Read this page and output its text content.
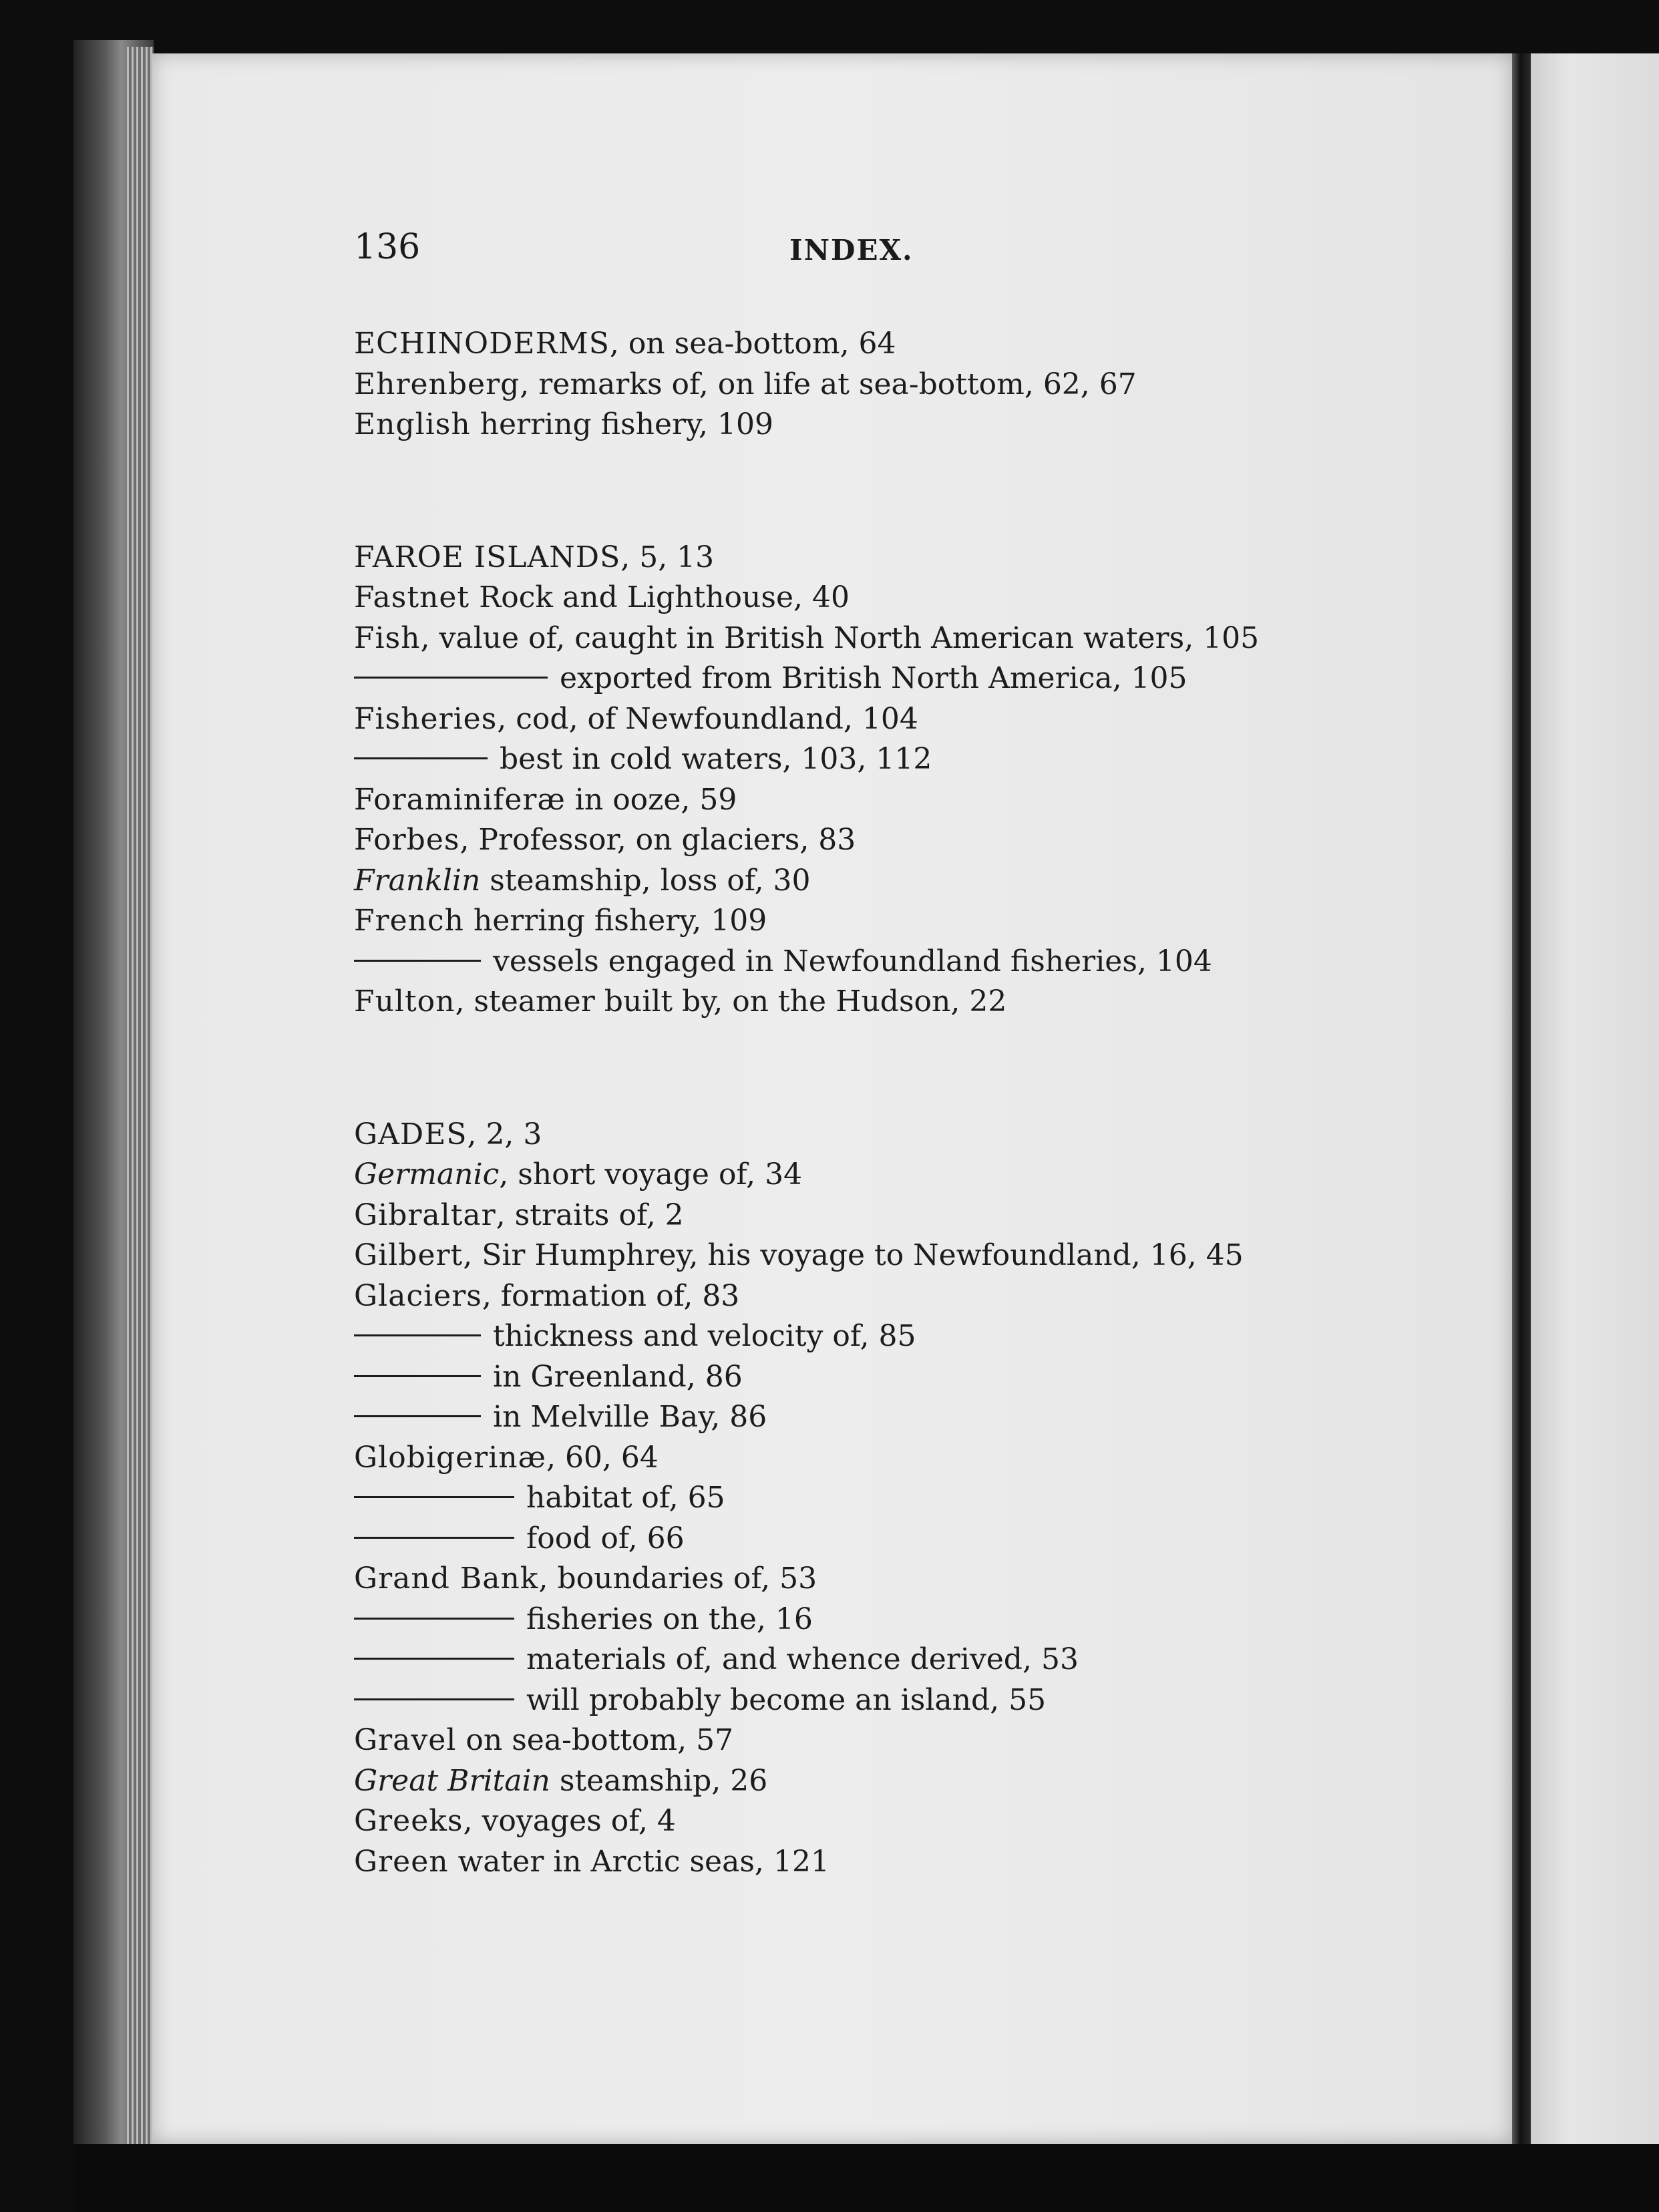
136	INDEX.
ECHINODERMS, on sea-bottom, 64
Ehrenberg, remarks of, on life at sea-bottom, 62, 67
English herring fishery, 109
FAROE ISLANDS, 5, 13
Fastnet Rock and Lighthouse, 40
Fish, value of, caught in British North American waters, 105
exported from British North America, 105
Fisheries, cod, of Newfoundland, 104
best in cold waters, 103, 112
Foraminiferæ in ooze, 59
Forbes, Professor, on glaciers, 83
Franklin steamship, loss of, 30
French herring fishery, 109
vessels engaged in Newfoundland fisheries, 104
Fulton, steamer built by, on the Hudson, 22
GADES, 2, 3
Germanic, short voyage of, 34
Gibraltar, straits of, 2
Gilbert, Sir Humphrey, his voyage to Newfoundland, 16, 45
Glaciers, formation of, 83
thickness and velocity of, 85
in Greenland, 86
in Melville Bay, 86
Globigerinæ, 60, 64
habitat of, 65
food of, 66
Grand Bank, boundaries of, 53
fisheries on the, 16
materials of, and whence derived, 53
will probably become an island, 55
Gravel on sea-bottom, 57
Great Britain steamship, 26
Greeks, voyages of, 4
Green water in Arctic seas, 121
